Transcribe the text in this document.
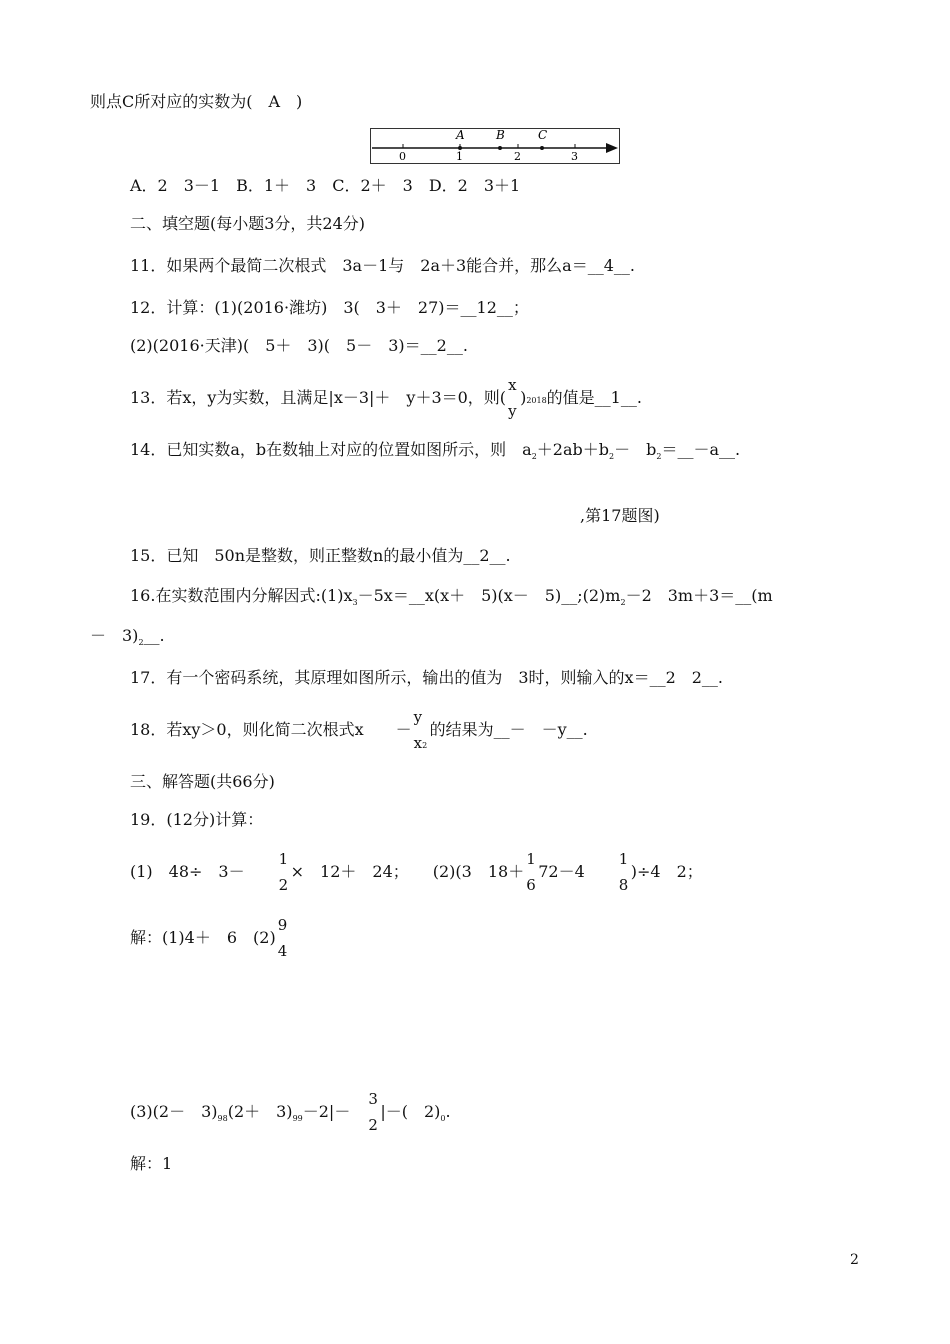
则点C所对应的实数为(　A　)
A	B	C
0	1	2	3
A．2　3－1　B．1＋　3　C．2＋　3　D．2　3＋1
二、填空题(每小题3分，共24分)
11．如果两个最简二次根式　3a－1与　2a＋3能合并，那么a＝__4__.
12．计算：(1)(2016·潍坊)　3(　3＋　27)＝__12__；
(2)(2016·天津)(　5＋　3)(　5－　3)＝__2__.
13．若x，y为实数，且满足|x－3|＋　y＋3＝0，则(
x
y
)2018的值是__1__.
14．已知实数a，b在数轴上对应的位置如图所示，则　$a_2+2ab+b_2-$　$b_2=\_\_-a\_\_$.
,第17题图)
15．已知　50n是整数，则正整数n的最小值为__2__.
16.在实数范围内分解因式$:(1)x_3-5x=\_\_x(x+$　5)(x－　$5)\_\_;(2)m_2-2$　3m＋3＝__(m
－　$3)_2\_\_$.
17．有一个密码系统，其原理如图所示，输出的值为　3时，则输入的x＝__2　2__.
18．若xy＞0，则化简二次根式x　　－
y
x2
的结果为__－　－y__.
三、解答题(共66分)
19．(12分)计算：
(1)　48÷　3－　　
1
2
×　12＋　24；　　(2)(3　18＋
1
6
72－4　　
1
8
)÷4　2；
解：(1)4＋　6　(2)
9
4
(3)(2－　$3)_{98}(2+$　$3)_{99}-2|-$　
3
2
|－(　$2)_0$.
解：1
2
